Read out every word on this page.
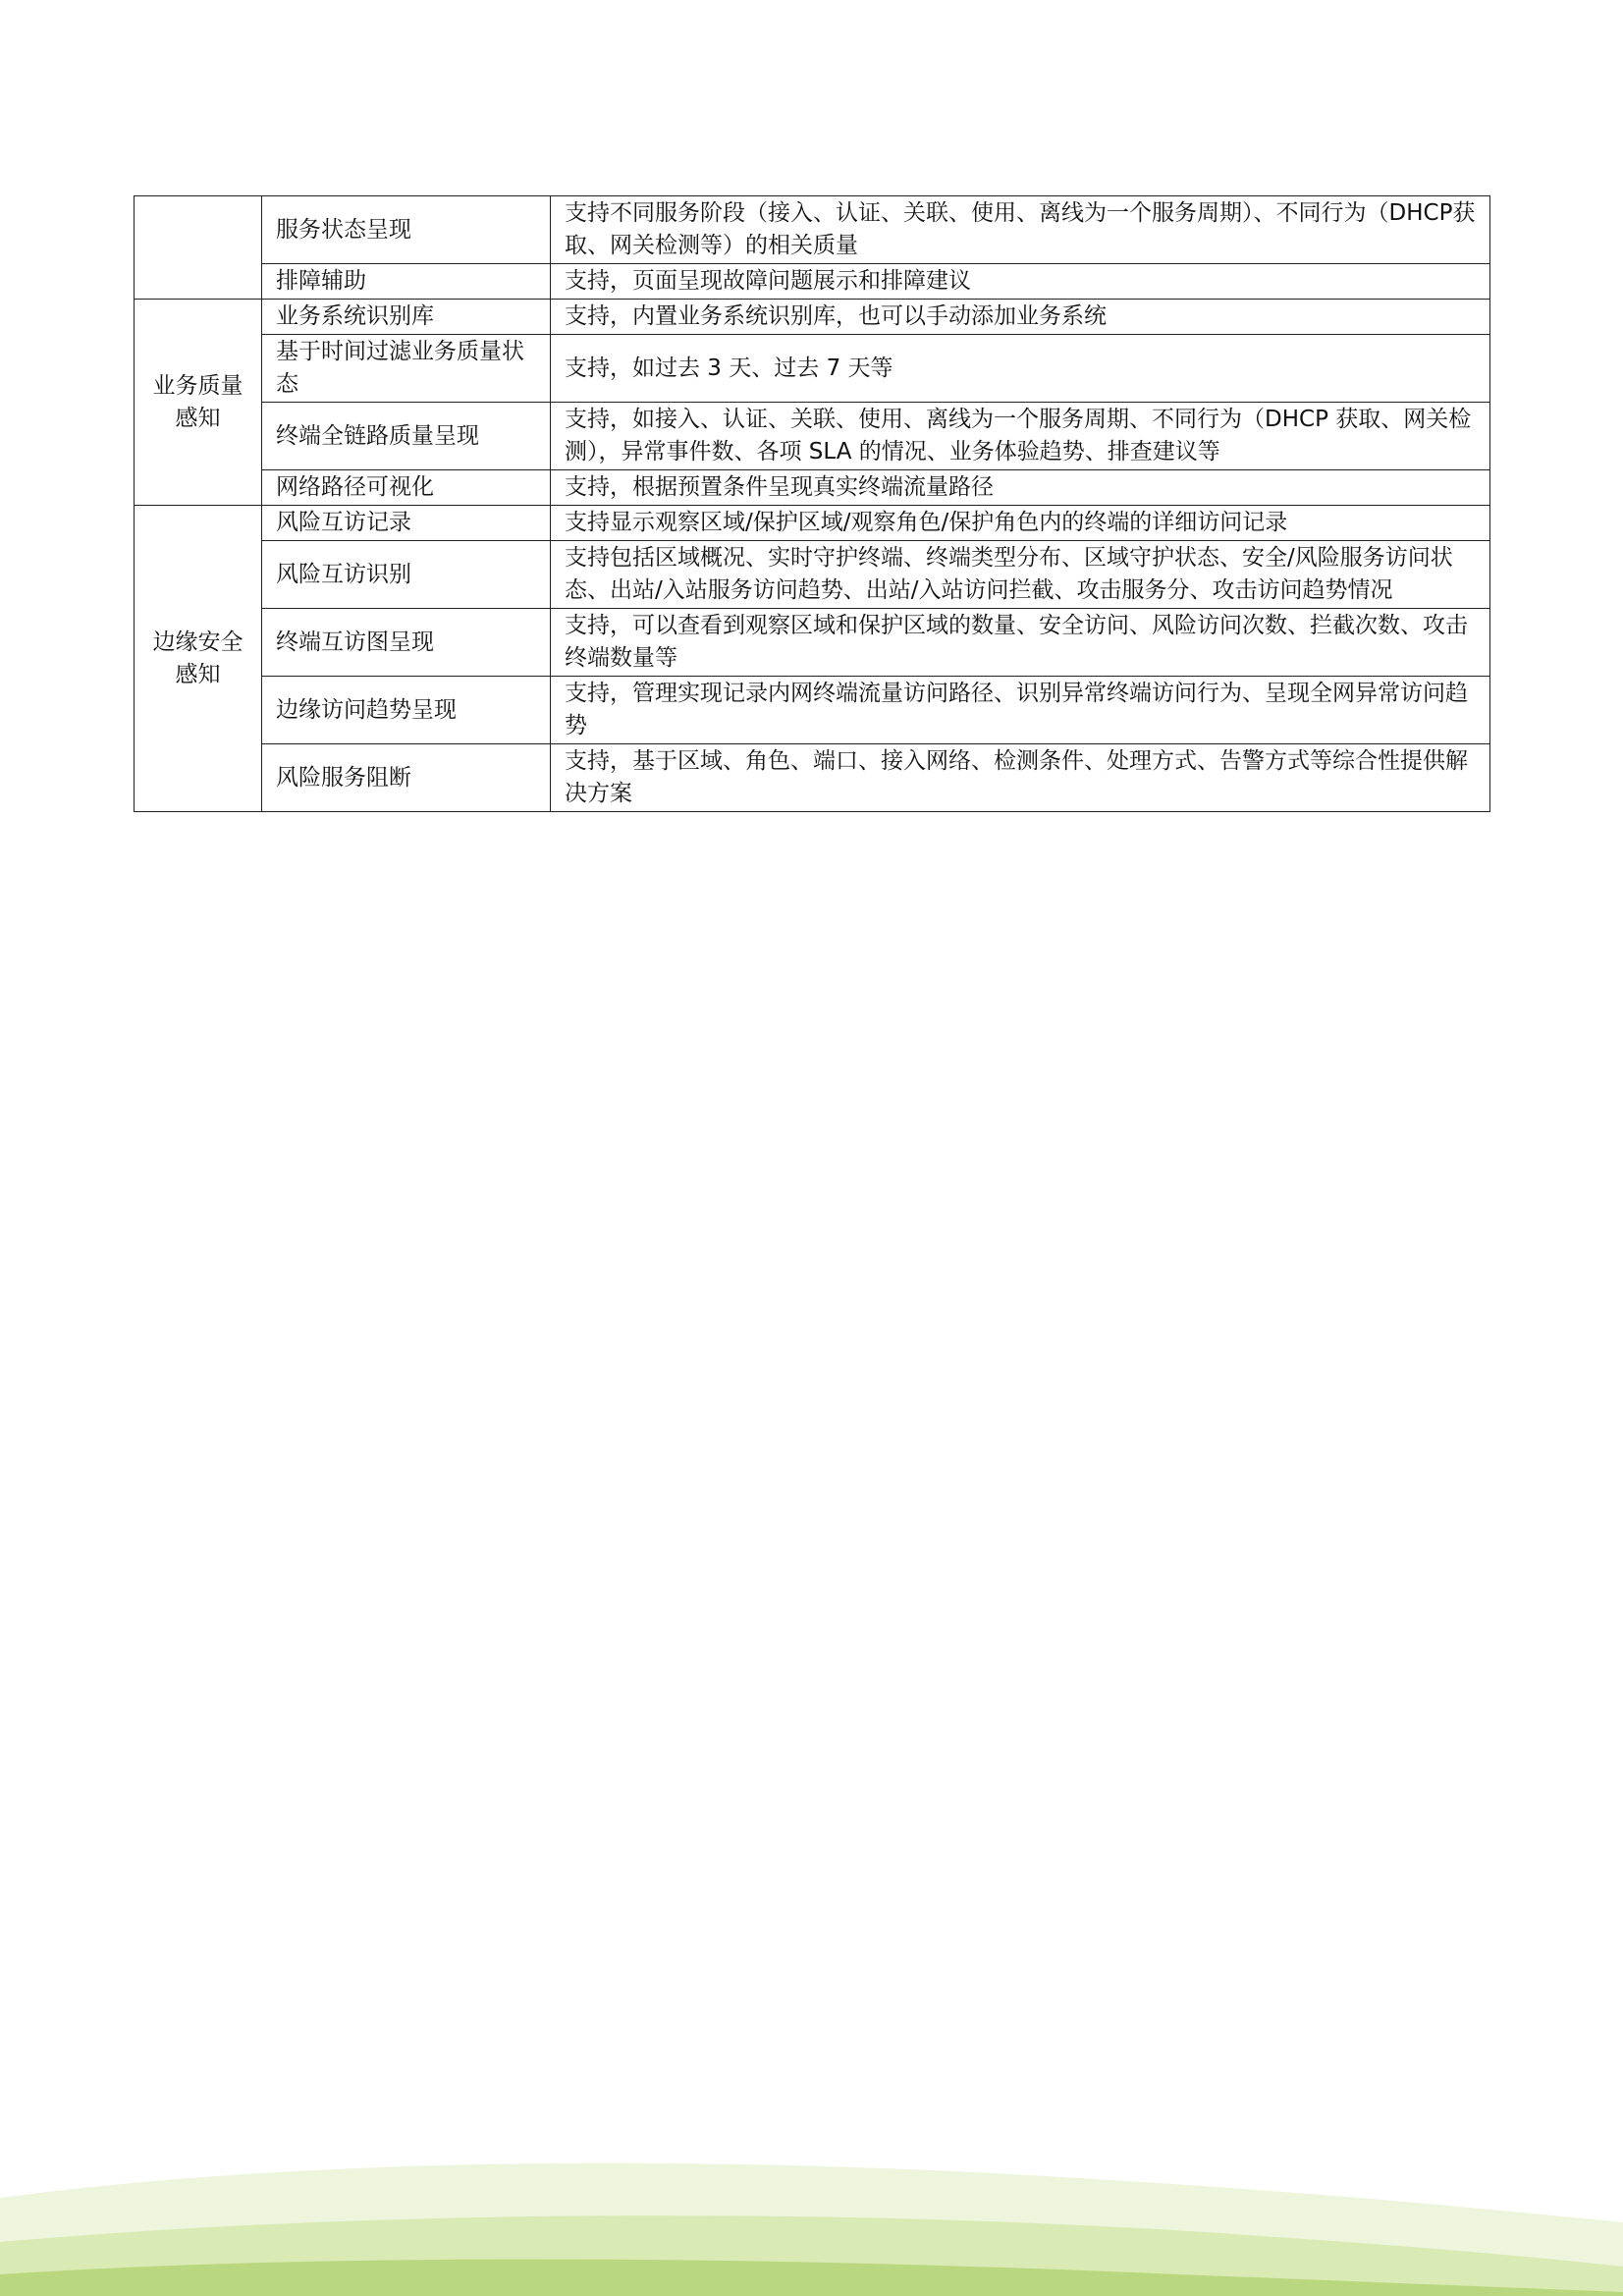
	服务状态呈现	支持不同服务阶段（接入、认证、关联、使用、离线为一个服务周期）、不同行为（DHCP获取、网关检测等）的相关质量
	排障辅助	支持，页面呈现故障问题展示和排障建议

业务质量
感知	业务系统识别库	支持，内置业务系统识别库，也可以手动添加业务系统
	基于时间过滤业务质量状态	支持，如过去 3 天、过去 7 天等
	终端全链路质量呈现	支持，如接入、认证、关联、使用、离线为一个服务周期、不同行为（DHCP 获取、网关检测），异常事件数、各项 SLA 的情况、业务体验趋势、排查建议等
	网络路径可视化	支持，根据预置条件呈现真实终端流量路径

边缘安全
感知	风险互访记录	支持显示观察区域/保护区域/观察角色/保护角色内的终端的详细访问记录
	风险互访识别	支持包括区域概况、实时守护终端、终端类型分布、区域守护状态、安全/风险服务访问状态、出站/入站服务访问趋势、出站/入站访问拦截、攻击服务分、攻击访问趋势情况
	终端互访图呈现	支持，可以查看到观察区域和保护区域的数量、安全访问、风险访问次数、拦截次数、攻击终端数量等
	边缘访问趋势呈现	支持，管理实现记录内网终端流量访问路径、识别异常终端访问行为、呈现全网异常访问趋势
	风险服务阻断	支持，基于区域、角色、端口、接入网络、检测条件、处理方式、告警方式等综合性提供解决方案
